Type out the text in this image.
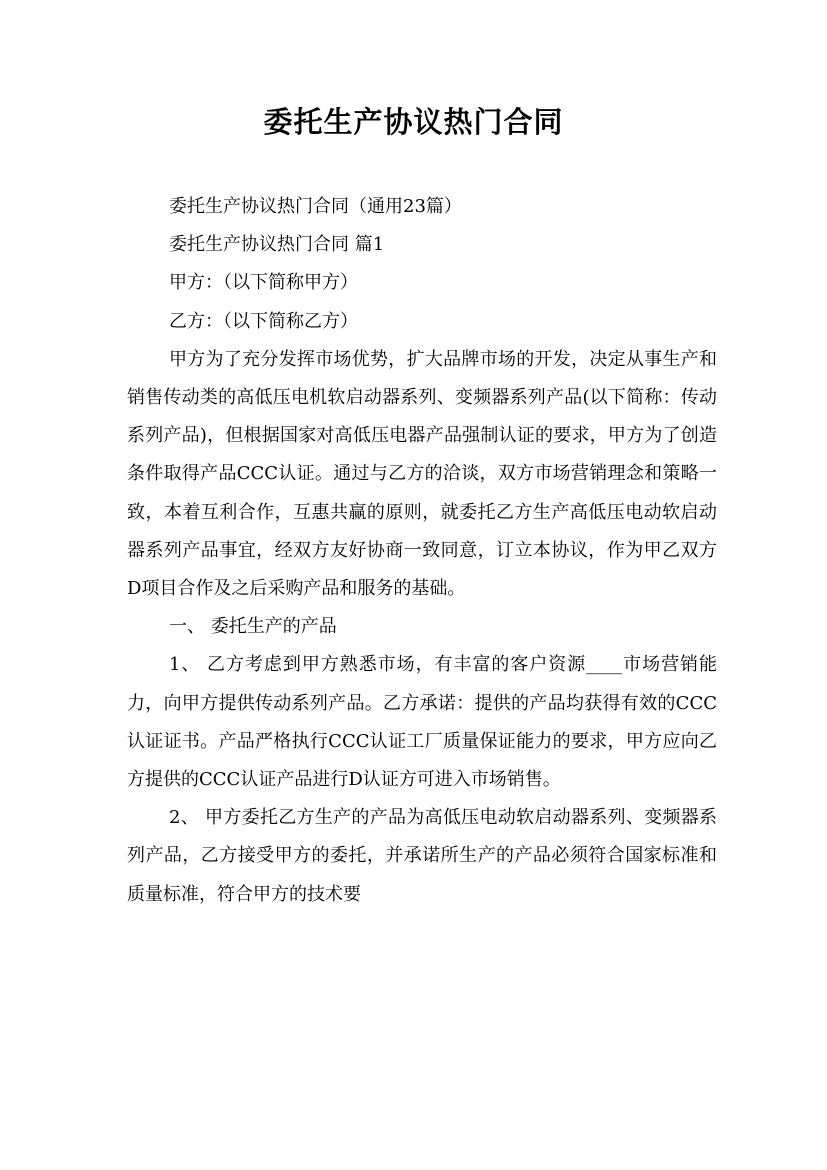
委托生产协议热门合同

委托生产协议热门合同（通用23篇）

委托生产协议热门合同 篇1

甲方：（以下简称甲方）

乙方：（以下简称乙方）

甲方为了充分发挥市场优势，扩大品牌市场的开发，决定从事生产和销售传动类的高低压电机软启动器系列、变频器系列产品(以下简称：传动系列产品)，但根据国家对高低压电器产品强制认证的要求，甲方为了创造条件取得产品CCC认证。通过与乙方的洽谈，双方市场营销理念和策略一致，本着互利合作，互惠共赢的原则，就委托乙方生产高低压电动软启动器系列产品事宜，经双方友好协商一致同意，订立本协议，作为甲乙双方D项目合作及之后采购产品和服务的基础。

一、 委托生产的产品

1、 乙方考虑到甲方熟悉市场，有丰富的客户资源____市场营销能力，向甲方提供传动系列产品。乙方承诺：提供的产品均获得有效的CCC认证证书。产品严格执行CCC认证工厂质量保证能力的要求，甲方应向乙方提供的CCC认证产品进行D认证方可进入市场销售。

2、 甲方委托乙方生产的产品为高低压电动软启动器系列、变频器系列产品，乙方接受甲方的委托，并承诺所生产的产品必须符合国家标准和质量标准，符合甲方的技术要
